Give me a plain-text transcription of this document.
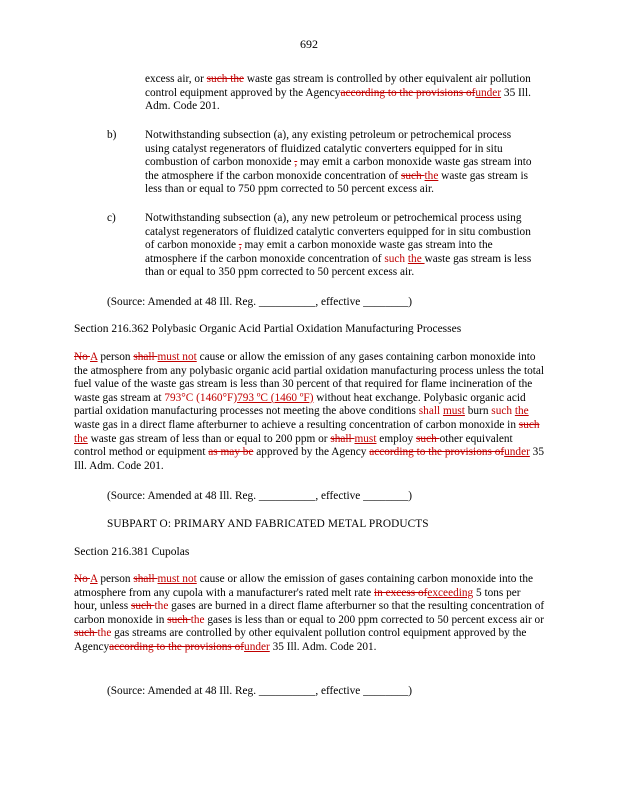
692
excess air, or such the waste gas stream is controlled by other equivalent air pollution control equipment approved by the Agencyaccording to the provisions ofunder 35 Ill. Adm. Code 201.
b)	Notwithstanding subsection (a), any existing petroleum or petrochemical process using catalyst regenerators of fluidized catalytic converters equipped for in situ combustion of carbon monoxide , may emit a carbon monoxide waste gas stream into the atmosphere if the carbon monoxide concentration of such the waste gas stream is less than or equal to 750 ppm corrected to 50 percent excess air.
c)	Notwithstanding subsection (a), any new petroleum or petrochemical process using catalyst regenerators of fluidized catalytic converters equipped for in situ combustion of carbon monoxide , may emit a carbon monoxide waste gas stream into the atmosphere if the carbon monoxide concentration of such the waste gas stream is less than or equal to 350 ppm corrected to 50 percent excess air.
(Source: Amended at 48 Ill. Reg. __________, effective ________)
Section 216.362 Polybasic Organic Acid Partial Oxidation Manufacturing Processes
No A person shall must not cause or allow the emission of any gases containing carbon monoxide into the atmosphere from any polybasic organic acid partial oxidation manufacturing process unless the total fuel value of the waste gas stream is less than 30 percent of that required for flame incineration of the waste gas stream at 793°C (1460°F)793 ºC (1460 ºF) without heat exchange. Polybasic organic acid partial oxidation manufacturing processes not meeting the above conditions shall must burn such the waste gas in a direct flame afterburner to achieve a resulting concentration of carbon monoxide in such the waste gas stream of less than or equal to 200 ppm or shall must employ such other equivalent control method or equipment as may be approved by the Agency according to the provisions ofunder 35 Ill. Adm. Code 201.
(Source: Amended at 48 Ill. Reg. __________, effective ________)
SUBPART O: PRIMARY AND FABRICATED METAL PRODUCTS
Section 216.381 Cupolas
No A person shall must not cause or allow the emission of gases containing carbon monoxide into the atmosphere from any cupola with a manufacturer's rated melt rate in excess ofexceeding 5 tons per hour, unless such the gases are burned in a direct flame afterburner so that the resulting concentration of carbon monoxide in such the gases is less than or equal to 200 ppm corrected to 50 percent excess air or such the gas streams are controlled by other equivalent pollution control equipment approved by the Agencyaccording to the provisions ofunder 35 Ill. Adm. Code 201.
(Source: Amended at 48 Ill. Reg. __________, effective ________)
